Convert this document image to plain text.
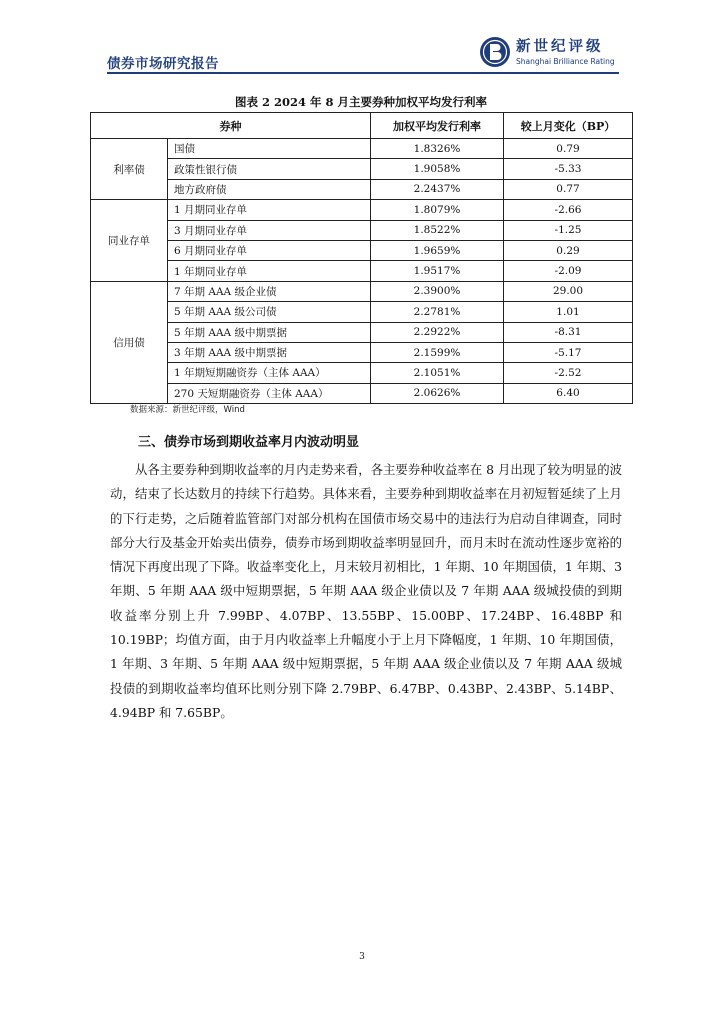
债券市场研究报告
新世纪评级
Shanghai Brilliance Rating
图表 2 2024 年 8 月主要券种加权平均发行利率
券种		加权平均发行利率	较上月变化（BP）
利率债	国债	1.8326%	0.79
	政策性银行债	1.9058%	-5.33
	地方政府债	2.2437%	0.77
同业存单	1 月期同业存单	1.8079%	-2.66
	3 月期同业存单	1.8522%	-1.25
	6 月期同业存单	1.9659%	0.29
	1 年期同业存单	1.9517%	-2.09
信用债	7 年期 AAA 级企业债	2.3900%	29.00
	5 年期 AAA 级公司债	2.2781%	1.01
	5 年期 AAA 级中期票据	2.2922%	-8.31
	3 年期 AAA 级中期票据	2.1599%	-5.17
	1 年期短期融资券（主体 AAA）	2.1051%	-2.52
	270 天短期融资券（主体 AAA）	2.0626%	6.40
数据来源：新世纪评级，Wind
三、债券市场到期收益率月内波动明显
从各主要券种到期收益率的月内走势来看，各主要券种收益率在 8 月出现了较为明显的波动，结束了长达数月的持续下行趋势。具体来看，主要券种到期收益率在月初短暂延续了上月的下行走势，之后随着监管部门对部分机构在国债市场交易中的违法行为启动自律调查，同时部分大行及基金开始卖出债券，债券市场到期收益率明显回升，而月末时在流动性逐步宽裕的情况下再度出现了下降。收益率变化上，月末较月初相比，1 年期、10 年期国债，1 年期、3 年期、5 年期 AAA 级中短期票据，5 年期 AAA 级企业债以及 7 年期 AAA 级城投债的到期收益率分别上升 7.99BP、4.07BP、13.55BP、15.00BP、17.24BP、16.48BP 和 10.19BP；均值方面，由于月内收益率上升幅度小于上月下降幅度，1 年期、10 年期国债，1 年期、3 年期、5 年期 AAA 级中短期票据，5 年期 AAA 级企业债以及 7 年期 AAA 级城投债的到期收益率均值环比则分别下降 2.79BP、6.47BP、0.43BP、2.43BP、5.14BP、4.94BP 和 7.65BP。
3
